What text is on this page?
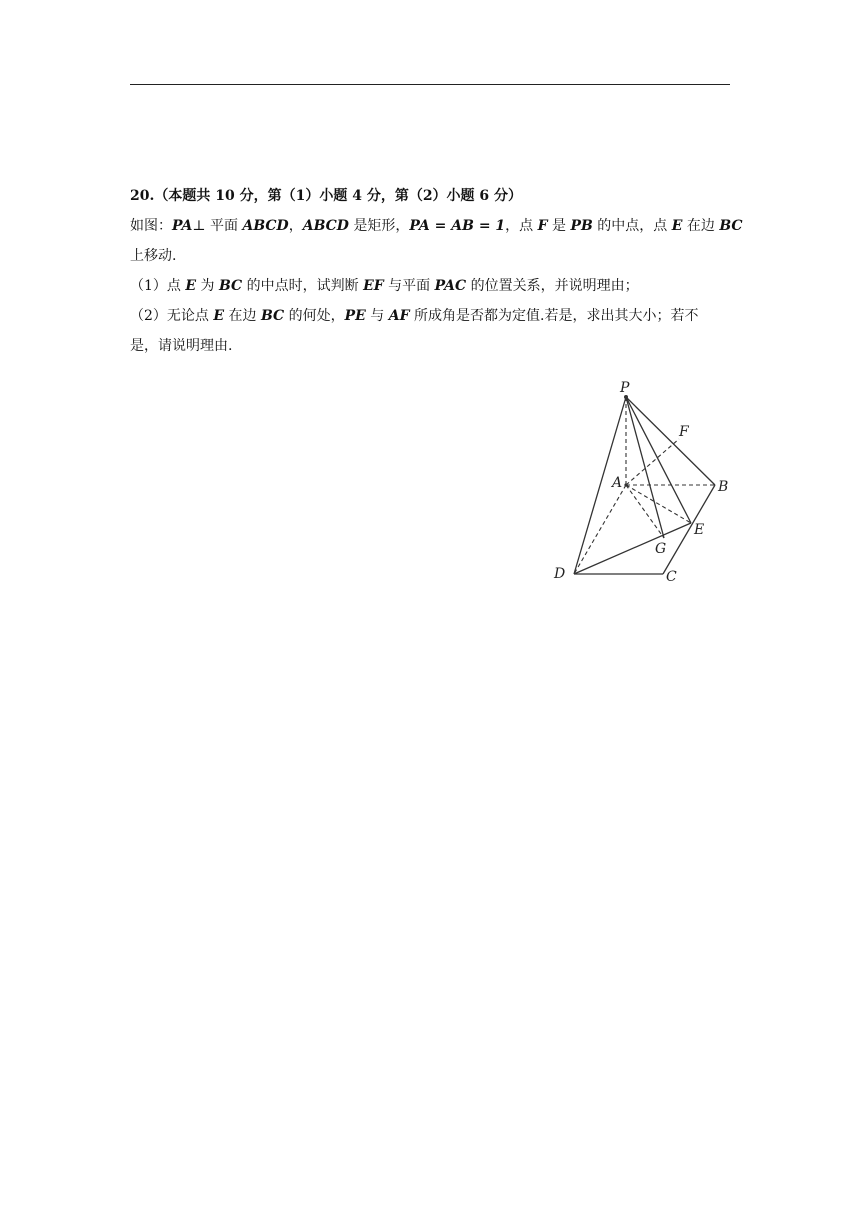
20.（本题共 10 分，第（1）小题 4 分，第（2）小题 6 分）
如图：PA⊥ 平面 ABCD，ABCD 是矩形，PA = AB = 1，点 F 是 PB 的中点，点 E 在边 BC
上移动.
（1）点 E 为 BC 的中点时，试判断 EF 与平面 PAC 的位置关系，并说明理由；
（2）无论点 E 在边 BC 的何处，PE 与 AF 所成角是否都为定值.若是，求出其大小；若不
是，请说明理由.
P
F
A	B
E
G
D	C
